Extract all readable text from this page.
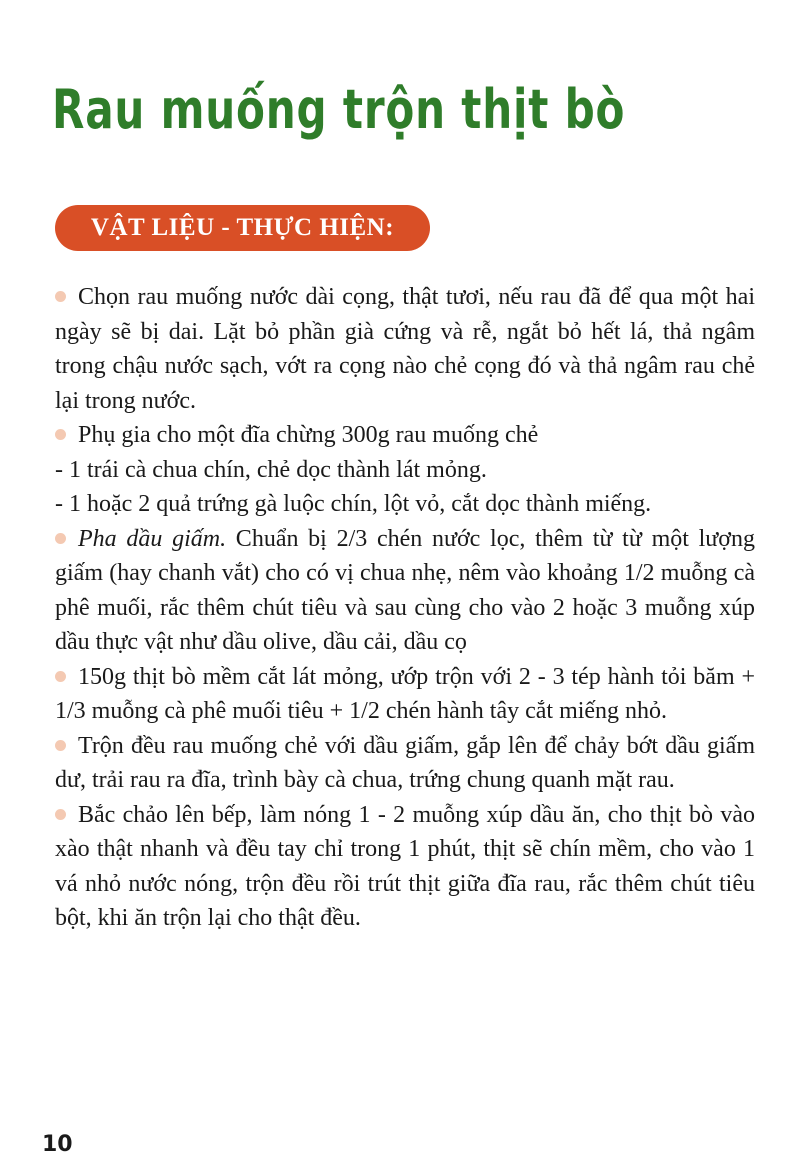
Rau muống trộn thịt bò
VẬT LIỆU - THỰC HIỆN:

Chọn rau muống nước dài cọng, thật tươi, nếu rau đã để qua một hai ngày sẽ bị dai. Lặt bỏ phần già cứng và rễ, ngắt bỏ hết lá, thả ngâm trong chậu nước sạch, vớt ra cọng nào chẻ cọng đó và thả ngâm rau chẻ lại trong nước.

Phụ gia cho một đĩa chừng 300g rau muống chẻ

- 1 trái cà chua chín, chẻ dọc thành lát mỏng.

- 1 hoặc 2 quả trứng gà luộc chín, lột vỏ, cắt dọc thành miếng.

Pha dầu giấm. Chuẩn bị 2/3 chén nước lọc, thêm từ từ một lượng giấm (hay chanh vắt) cho có vị chua nhẹ, nêm vào khoảng 1/2 muỗng cà phê muối, rắc thêm chút tiêu và sau cùng cho vào 2 hoặc 3 muỗng xúp dầu thực vật như dầu olive, dầu cải, dầu cọ

150g thịt bò mềm cắt lát mỏng, ướp trộn với 2 - 3 tép hành tỏi băm + 1/3 muỗng cà phê muối tiêu + 1/2 chén hành tây cắt miếng nhỏ.

Trộn đều rau muống chẻ với dầu giấm, gắp lên để chảy bớt dầu giấm dư, trải rau ra đĩa, trình bày cà chua, trứng chung quanh mặt rau.

Bắc chảo lên bếp, làm nóng 1 - 2 muỗng xúp dầu ăn, cho thịt bò vào xào thật nhanh và đều tay chỉ trong 1 phút, thịt sẽ chín mềm, cho vào 1 vá nhỏ nước nóng, trộn đều rồi trút thịt giữa đĩa rau, rắc thêm chút tiêu bột, khi ăn trộn lại cho thật đều.

10
